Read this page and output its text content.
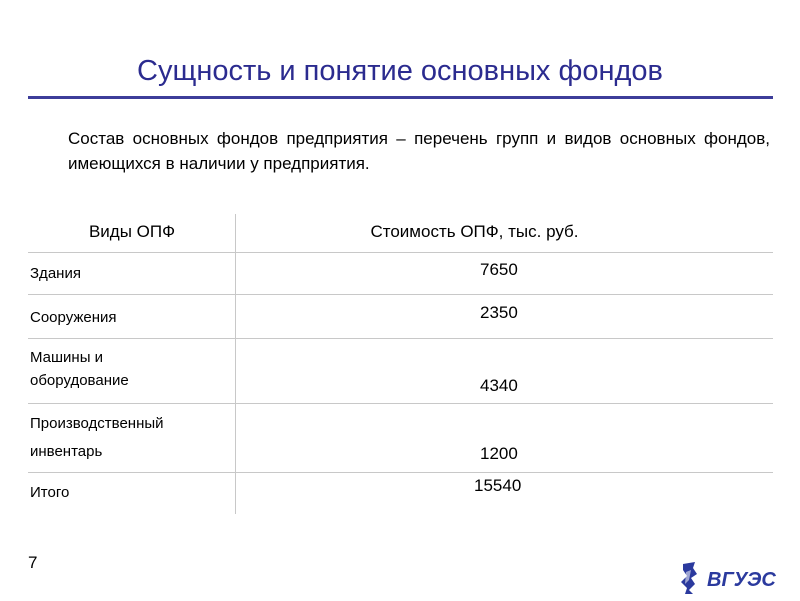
Сущность и понятие основных фондов
Состав основных фондов предприятия – перечень групп и видов основных фондов, имеющихся в наличии у предприятия.
Виды ОПФ	Стоимость ОПФ, тыс. руб.
Здания	7650
Сооружения	2350
Машины и оборудование	4340
Производственный инвентарь	1200
Итого	15540
7
ВГУЭС
